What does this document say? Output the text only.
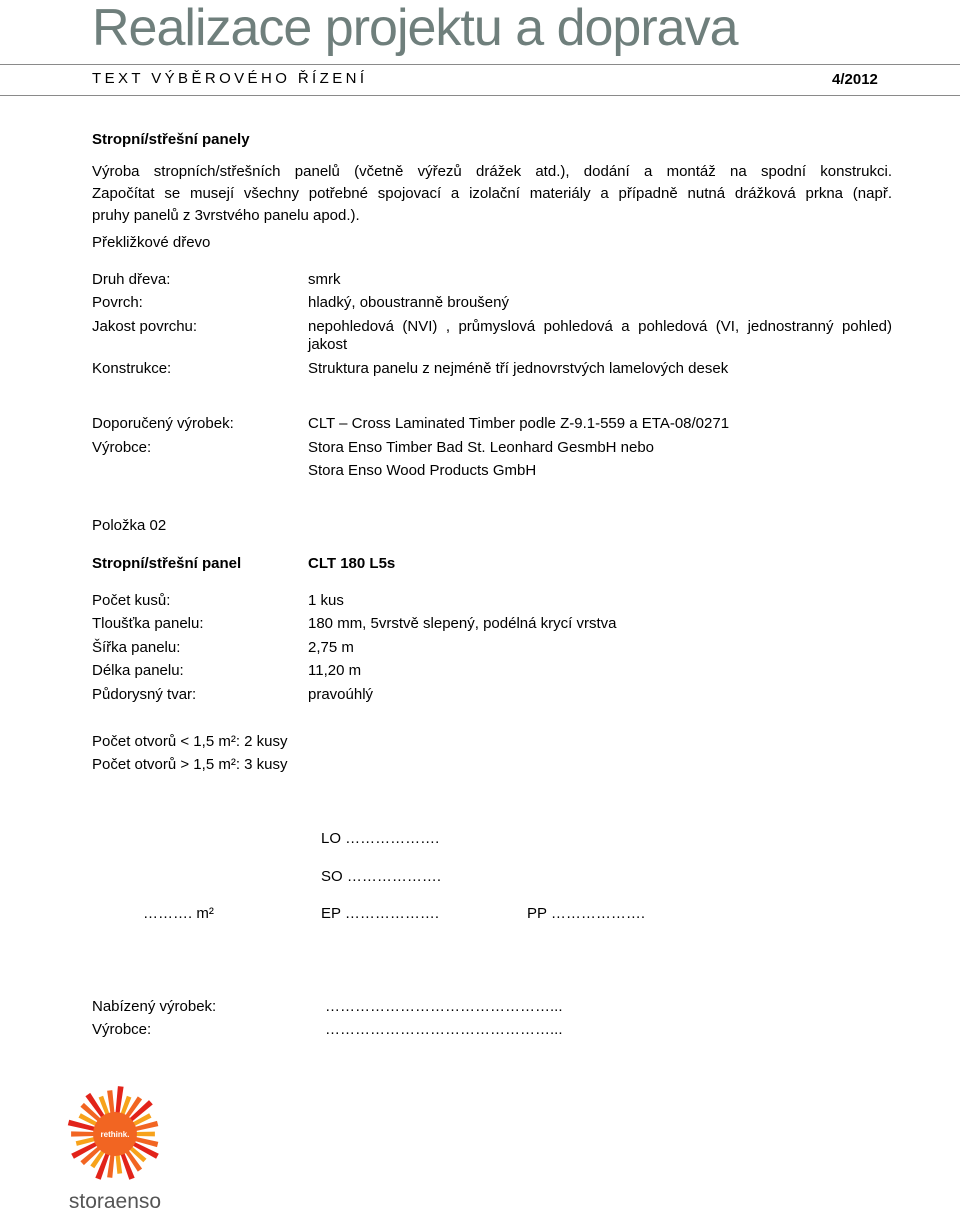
Realizace projektu a doprava
TEXT VÝBĚROVÉHO ŘÍZENÍ	4/2012
Stropní/střešní panely
Výroba stropních/střešních panelů (včetně výřezů drážek atd.), dodání a montáž na spodní konstrukci.
Započítat se musejí všechny potřebné spojovací a izolační materiály a případně nutná drážková prkna (např.
pruhy panelů z 3vrstvého panelu apod.).
Překližkové dřevo
Druh dřeva:	smrk
Povrch:	hladký, oboustranně broušený
Jakost povrchu:	nepohledová (NVI) , průmyslová pohledová a pohledová (VI, jednostranný pohled) jakost
Konstrukce:	Struktura panelu z nejméně tří jednovrstvých lamelových desek
Doporučený výrobek:	CLT – Cross Laminated Timber podle Z-9.1-559 a ETA-08/0271
Výrobce:	Stora Enso Timber Bad St. Leonhard GesmbH nebo
Stora Enso Wood Products GmbH
Položka 02
Stropní/střešní panel	CLT 180 L5s
Počet kusů:	1 kus
Tloušťka panelu:	180 mm, 5vrstvě slepený, podélná krycí vrstva
Šířka panelu:	2,75 m
Délka panelu:	11,20 m
Půdorysný tvar:	pravoúhlý
Počet otvorů < 1,5 m²: 2 kusy
Počet otvorů > 1,5 m²: 3 kusy
LO ……………….
SO ……………….
………. m²	EP ……………….	PP ……………….
Nabízený výrobek:	………………………………………...
Výrobce:	………………………………………...
rethink.
storaenso
